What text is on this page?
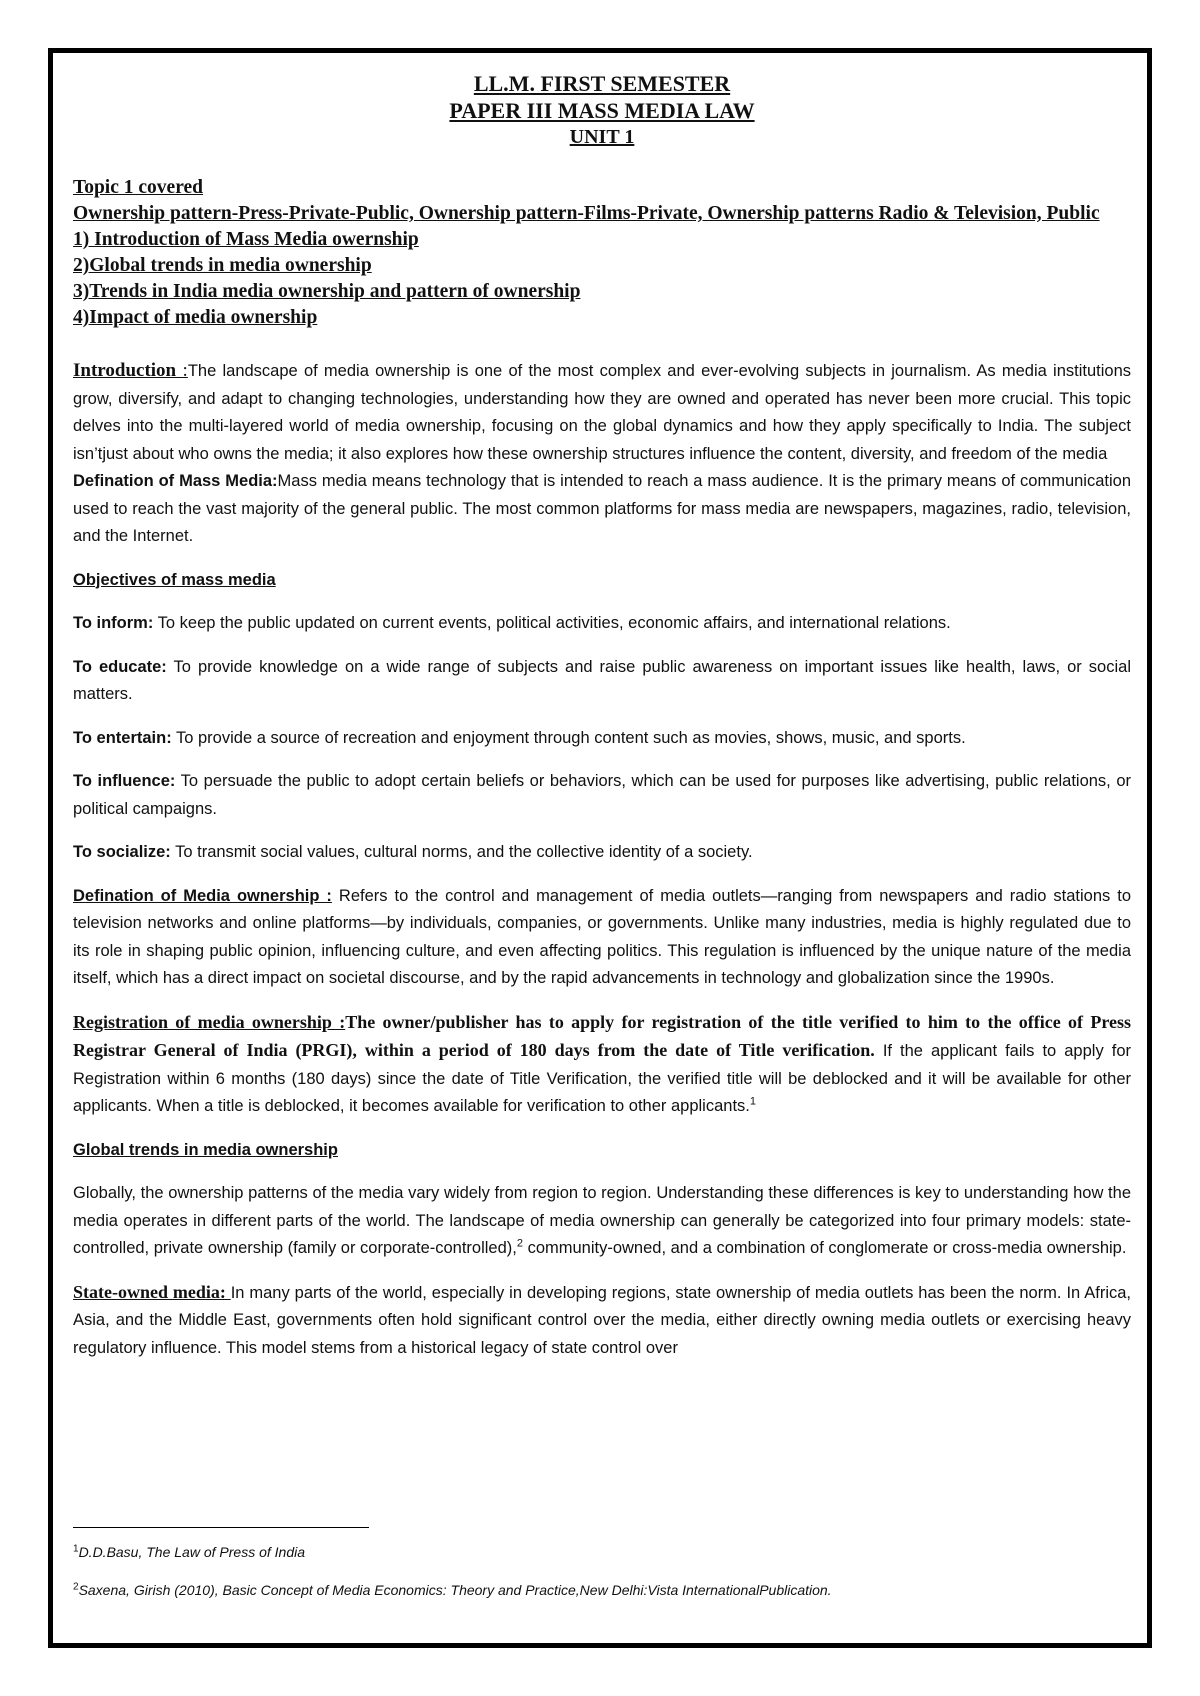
LL.M. FIRST SEMESTER
PAPER III MASS MEDIA LAW
UNIT 1
Topic 1 covered
Ownership pattern-Press-Private-Public, Ownership pattern-Films-Private, Ownership patterns Radio & Television, Public
1) Introduction of Mass Media owernship
2)Global trends in media ownership
3)Trends in India media ownership and pattern of ownership
4)Impact of media ownership
Introduction :The landscape of media ownership is one of the most complex and ever-evolving subjects in journalism. As media institutions grow, diversify, and adapt to changing technologies, understanding how they are owned and operated has never been more crucial. This topic delves into the multi-layered world of media ownership, focusing on the global dynamics and how they apply specifically to India. The subject isn’tjust about who owns the media; it also explores how these ownership structures influence the content, diversity, and freedom of the media
Defination of Mass Media:Mass media means technology that is intended to reach a mass audience. It is the primary means of communication used to reach the vast majority of the general public. The most common platforms for mass media are newspapers, magazines, radio, television, and the Internet.
Objectives of mass media
To inform: To keep the public updated on current events, political activities, economic affairs, and international relations.
To educate: To provide knowledge on a wide range of subjects and raise public awareness on important issues like health, laws, or social matters.
To entertain: To provide a source of recreation and enjoyment through content such as movies, shows, music, and sports.
To influence: To persuade the public to adopt certain beliefs or behaviors, which can be used for purposes like advertising, public relations, or political campaigns.
To socialize: To transmit social values, cultural norms, and the collective identity of a society.
Defination of Media ownership : Refers to the control and management of media outlets—ranging from newspapers and radio stations to television networks and online platforms—by individuals, companies, or governments. Unlike many industries, media is highly regulated due to its role in shaping public opinion, influencing culture, and even affecting politics. This regulation is influenced by the unique nature of the media itself, which has a direct impact on societal discourse, and by the rapid advancements in technology and globalization since the 1990s.
Registration of media ownership :The owner/publisher has to apply for registration of the title verified to him to the office of Press Registrar General of India (PRGI), within a period of 180 days from the date of Title verification. If the applicant fails to apply for Registration within 6 months (180 days) since the date of Title Verification, the verified title will be deblocked and it will be available for other applicants. When a title is deblocked, it becomes available for verification to other applicants.$^1$
Global trends in media ownership
Globally, the ownership patterns of the media vary widely from region to region. Understanding these differences is key to understanding how the media operates in different parts of the world. The landscape of media ownership can generally be categorized into four primary models: state-controlled, private ownership (family or corporate-controlled),$^2$ community-owned, and a combination of conglomerate or cross-media ownership.
State-owned media: In many parts of the world, especially in developing regions, state ownership of media outlets has been the norm. In Africa, Asia, and the Middle East, governments often hold significant control over the media, either directly owning media outlets or exercising heavy regulatory influence. This model stems from a historical legacy of state control over
$^1$D.D.Basu, The Law of Press of India
$^2$Saxena, Girish (2010), Basic Concept of Media Economics: Theory and Practice,New Delhi:Vista InternationalPublication.
